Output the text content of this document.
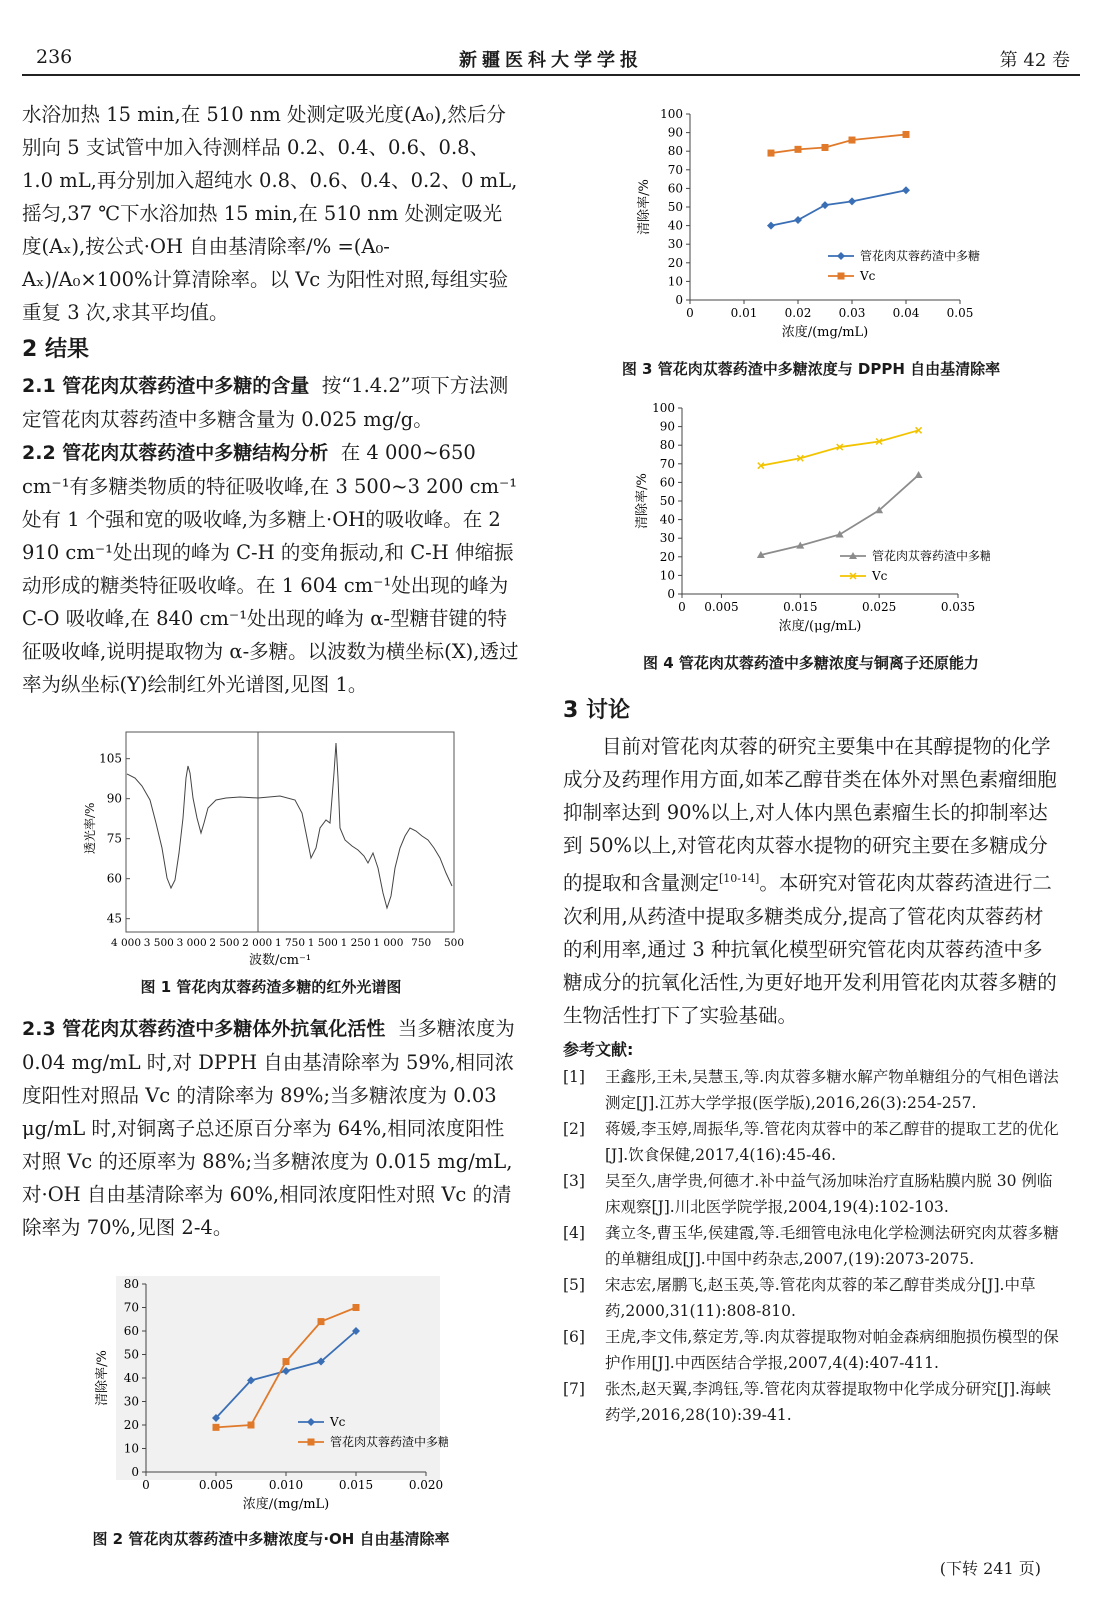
236	新疆医科大学学报	第 42 卷

水浴加热 15 min,在 510 nm 处测定吸光度(A₀),然后分别向 5 支试管中加入待测样品 0.2、0.4、0.6、0.8、1.0 mL,再分别加入超纯水 0.8、0.6、0.4、0.2、0 mL,摇匀,37 ℃下水浴加热 15 min,在 510 nm 处测定吸光度(Aₓ),按公式·OH 自由基清除率/% =(A₀-Aₓ)/A₀×100%计算清除率。以 Vc 为阳性对照,每组实验重复 3 次,求其平均值。

2 结果

2.1 管花肉苁蓉药渣中多糖的含量 按“1.4.2”项下方法测定管花肉苁蓉药渣中多糖含量为 0.025 mg/g。

2.2 管花肉苁蓉药渣中多糖结构分析 在 4 000~650 cm⁻¹有多糖类物质的特征吸收峰,在 3 500~3 200 cm⁻¹处有 1 个强和宽的吸收峰,为多糖上·OH的吸收峰。在 2 910 cm⁻¹处出现的峰为 C-H 的变角振动,和 C-H 伸缩振动形成的糖类特征吸收峰。在 1 604 cm⁻¹处出现的峰为 C-O 吸收峰,在 840 cm⁻¹处出现的峰为 α-型糖苷键的特征吸收峰,说明提取物为 α-多糖。以波数为横坐标(X),透过率为纵坐标(Y)绘制红外光谱图,见图 1。

透光率/%
45
60
75
90
105
4 000 3 500 3 000 2 500 2 000 1 750 1 500 1 250 1 000 750 500
波数/cm⁻¹
图 1 管花肉苁蓉药渣多糖的红外光谱图

2.3 管花肉苁蓉药渣中多糖体外抗氧化活性 当多糖浓度为 0.04 mg/mL 时,对 DPPH 自由基清除率为 59%,相同浓度阳性对照品 Vc 的清除率为 89%;当多糖浓度为 0.03 μg/mL 时,对铜离子总还原百分率为 64%,相同浓度阳性对照 Vc 的还原率为 88%;当多糖浓度为 0.015 mg/mL,对·OH 自由基清除率为 60%,相同浓度阳性对照 Vc 的清除率为 70%,见图 2-4。

0
10
20
30
40
50
60
70
80
0	0.005	0.010	0.015	0.020
浓度/(mg/mL)
清除率/%
Vc
管花肉苁蓉药渣中多糖
图 2 管花肉苁蓉药渣中多糖浓度与·OH 自由基清除率
0
10
20
30
40
50
60
70
80
90
100
0	0.01 0.02 0.03 0.04 0.05
浓度/(mg/mL)
清除率/%
管花肉苁蓉药渣中多糖
Vc
图 3 管花肉苁蓉药渣中多糖浓度与 DPPH 自由基清除率
0
10
20
30
40
50
60
70
80
90
100
0 0.005	0.015	0.025	0.035
浓度/(μg/mL)
清除率/%
管花肉苁蓉药渣中多糖
Vc
图 4 管花肉苁蓉药渣中多糖浓度与铜离子还原能力

3 讨论

目前对管花肉苁蓉的研究主要集中在其醇提物的化学成分及药理作用方面,如苯乙醇苷类在体外对黑色素瘤细胞抑制率达到 90%以上,对人体内黑色素瘤生长的抑制率达到 50%以上,对管花肉苁蓉水提物的研究主要在多糖成分的提取和含量测定[10-14]。本研究对管花肉苁蓉药渣进行二次利用,从药渣中提取多糖类成分,提高了管花肉苁蓉药材的利用率,通过 3 种抗氧化模型研究管花肉苁蓉药渣中多糖成分的抗氧化活性,为更好地开发利用管花肉苁蓉多糖的生物活性打下了实验基础。

参考文献:

[1] 王鑫彤,王未,吴慧玉,等.肉苁蓉多糖水解产物单糖组分的气相色谱法测定[J].江苏大学学报(医学版),2016,26(3):254-257.

[2] 蒋媛,李玉婷,周振华,等.管花肉苁蓉中的苯乙醇苷的提取工艺的优化[J].饮食保健,2017,4(16):45-46.

[3] 吴至久,唐学贵,何德才.补中益气汤加味治疗直肠粘膜内脱 30 例临床观察[J].川北医学院学报,2004,19(4):102-103.

[4] 龚立冬,曹玉华,侯建霞,等.毛细管电泳电化学检测法研究肉苁蓉多糖的单糖组成[J].中国中药杂志,2007,(19):2073-2075.

[5] 宋志宏,屠鹏飞,赵玉英,等.管花肉苁蓉的苯乙醇苷类成分[J].中草药,2000,31(11):808-810.

[6] 王虎,李文伟,蔡定芳,等.肉苁蓉提取物对帕金森病细胞损伤模型的保护作用[J].中西医结合学报,2007,4(4):407-411.

[7] 张杰,赵天翼,李鸿钰,等.管花肉苁蓉提取物中化学成分研究[J].海峡药学,2016,28(10):39-41.

(下转 241 页)
